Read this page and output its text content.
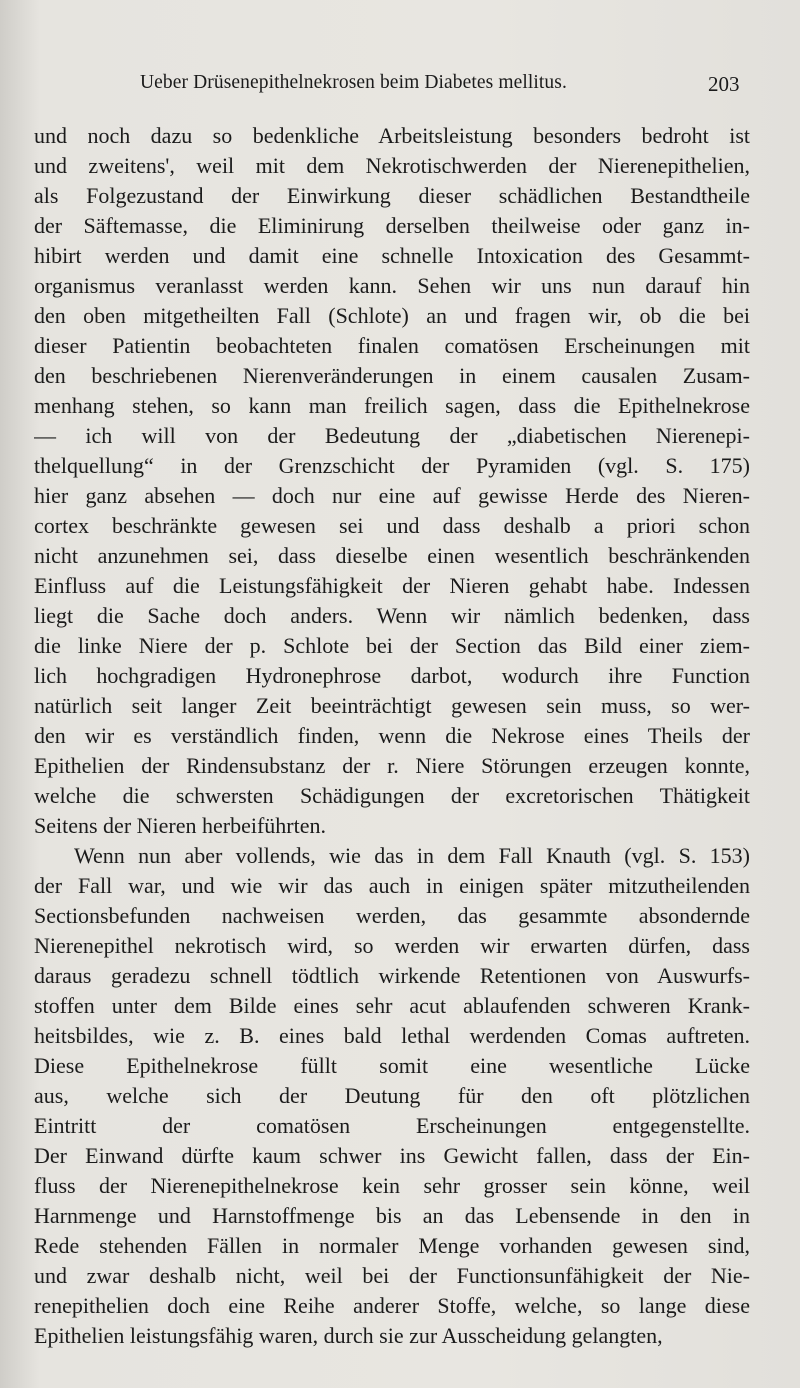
Ueber Drüsenepithelnekrosen beim Diabetes mellitus.	203
und noch dazu so bedenkliche Arbeitsleistung besonders bedroht ist
und zweitens', weil mit dem Nekrotischwerden der Nierenepithelien,
als Folgezustand der Einwirkung dieser schädlichen Bestandtheile
der Säftemasse, die Eliminirung derselben theilweise oder ganz in-
hibirt werden und damit eine schnelle Intoxication des Gesammt-
organismus veranlasst werden kann. Sehen wir uns nun darauf hin
den oben mitgetheilten Fall (Schlote) an und fragen wir, ob die bei
dieser Patientin beobachteten finalen comatösen Erscheinungen mit
den beschriebenen Nierenveränderungen in einem causalen Zusam-
menhang stehen, so kann man freilich sagen, dass die Epithelnekrose
— ich will von der Bedeutung der „diabetischen Nierenepi-
thelquellung“ in der Grenzschicht der Pyramiden (vgl. S. 175)
hier ganz absehen — doch nur eine auf gewisse Herde des Nieren-
cortex beschränkte gewesen sei und dass deshalb a priori schon
nicht anzunehmen sei, dass dieselbe einen wesentlich beschränkenden
Einfluss auf die Leistungsfähigkeit der Nieren gehabt habe. Indessen
liegt die Sache doch anders. Wenn wir nämlich bedenken, dass
die linke Niere der p. Schlote bei der Section das Bild einer ziem-
lich hochgradigen Hydronephrose darbot, wodurch ihre Function
natürlich seit langer Zeit beeinträchtigt gewesen sein muss, so wer-
den wir es verständlich finden, wenn die Nekrose eines Theils der
Epithelien der Rindensubstanz der r. Niere Störungen erzeugen konnte,
welche die schwersten Schädigungen der excretorischen Thätigkeit
Seitens der Nieren herbeiführten.
Wenn nun aber vollends, wie das in dem Fall Knauth (vgl. S. 153)
der Fall war, und wie wir das auch in einigen später mitzutheilenden
Sectionsbefunden nachweisen werden, das gesammte absondernde
Nierenepithel nekrotisch wird, so werden wir erwarten dürfen, dass
daraus geradezu schnell tödtlich wirkende Retentionen von Auswurfs-
stoffen unter dem Bilde eines sehr acut ablaufenden schweren Krank-
heitsbildes, wie z. B. eines bald lethal werdenden Comas auftreten.
Diese Epithelnekrose füllt somit eine wesentliche Lücke
aus, welche sich der Deutung für den oft plötzlichen
Eintritt der comatösen Erscheinungen entgegenstellte.
Der Einwand dürfte kaum schwer ins Gewicht fallen, dass der Ein-
fluss der Nierenepithelnekrose kein sehr grosser sein könne, weil
Harnmenge und Harnstoffmenge bis an das Lebensende in den in
Rede stehenden Fällen in normaler Menge vorhanden gewesen sind,
und zwar deshalb nicht, weil bei der Functionsunfähigkeit der Nie-
renepithelien doch eine Reihe anderer Stoffe, welche, so lange diese
Epithelien leistungsfähig waren, durch sie zur Ausscheidung gelangten,
